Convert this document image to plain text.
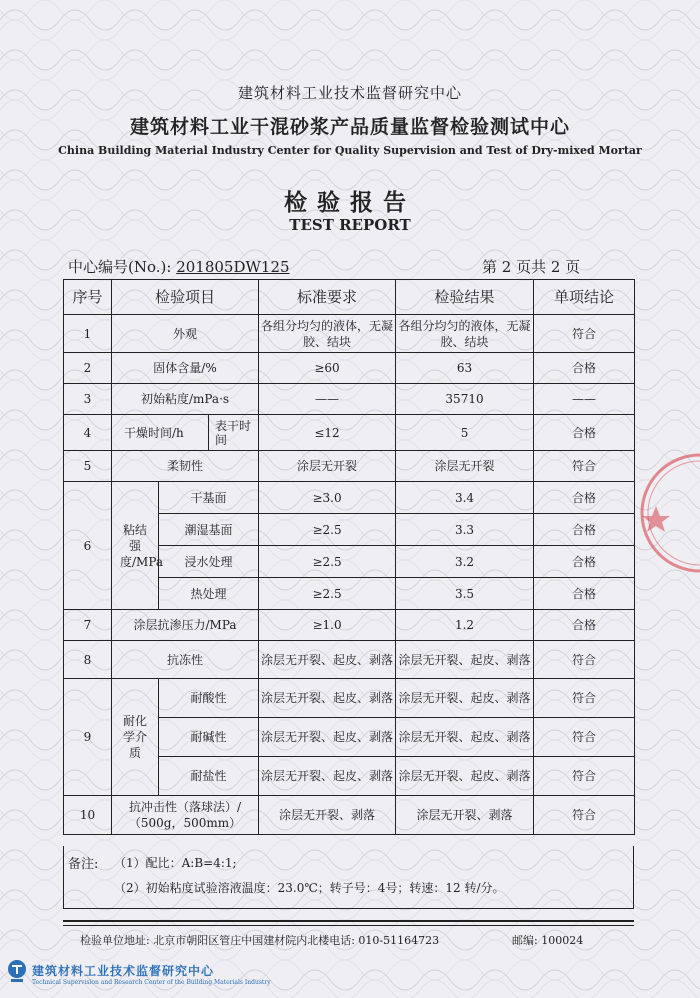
建筑材料工业技术监督研究中心
建筑材料工业干混砂浆产品质量监督检验测试中心
China Building Material Industry Center for Quality Supervision and Test of Dry-mixed Mortar
检验报告
TEST REPORT
中心编号(No.): 201805DW125	第 2 页共 2 页
序号	检验项目		标准要求	检验结果	单项结论
1	外观		各组分均匀的液体，无凝胶、结块	各组分均匀的液体，无凝胶、结块	符合
2	固体含量/%		≥60	63	合格
3	初始粘度/mPa·s		——	35710	——
4	干燥时间/h 表干时间		≤12	5	合格
5	柔韧性		涂层无开裂	涂层无开裂	符合
6	粘结强度/MPa	干基面	≥3.0	3.4	合格
		潮湿基面	≥2.5	3.3	合格
		浸水处理	≥2.5	3.2	合格
		热处理	≥2.5	3.5	合格
7	涂层抗渗压力/MPa		≥1.0	1.2	合格
8	抗冻性		涂层无开裂、起皮、剥落	涂层无开裂、起皮、剥落	符合
9	耐化学介质	耐酸性	涂层无开裂、起皮、剥落	涂层无开裂、起皮、剥落	符合
		耐碱性	涂层无开裂、起皮、剥落	涂层无开裂、起皮、剥落	符合
		耐盐性	涂层无开裂、起皮、剥落	涂层无开裂、起皮、剥落	符合
10	抗冲击性（落球法）/（500g，500mm）		涂层无开裂、剥落	涂层无开裂、剥落	符合
备注: （1）配比：A:B=4:1;
（2）初始粘度试验溶液温度：23.0℃；转子号：4号；转速：12 转/分。
检验单位地址: 北京市朝阳区管庄中国建材院内北楼电话: 010-51164723	邮编: 100024
建筑材料工业技术监督研究中心
Technical Supervision and Research Center of the Building Materials Industry
